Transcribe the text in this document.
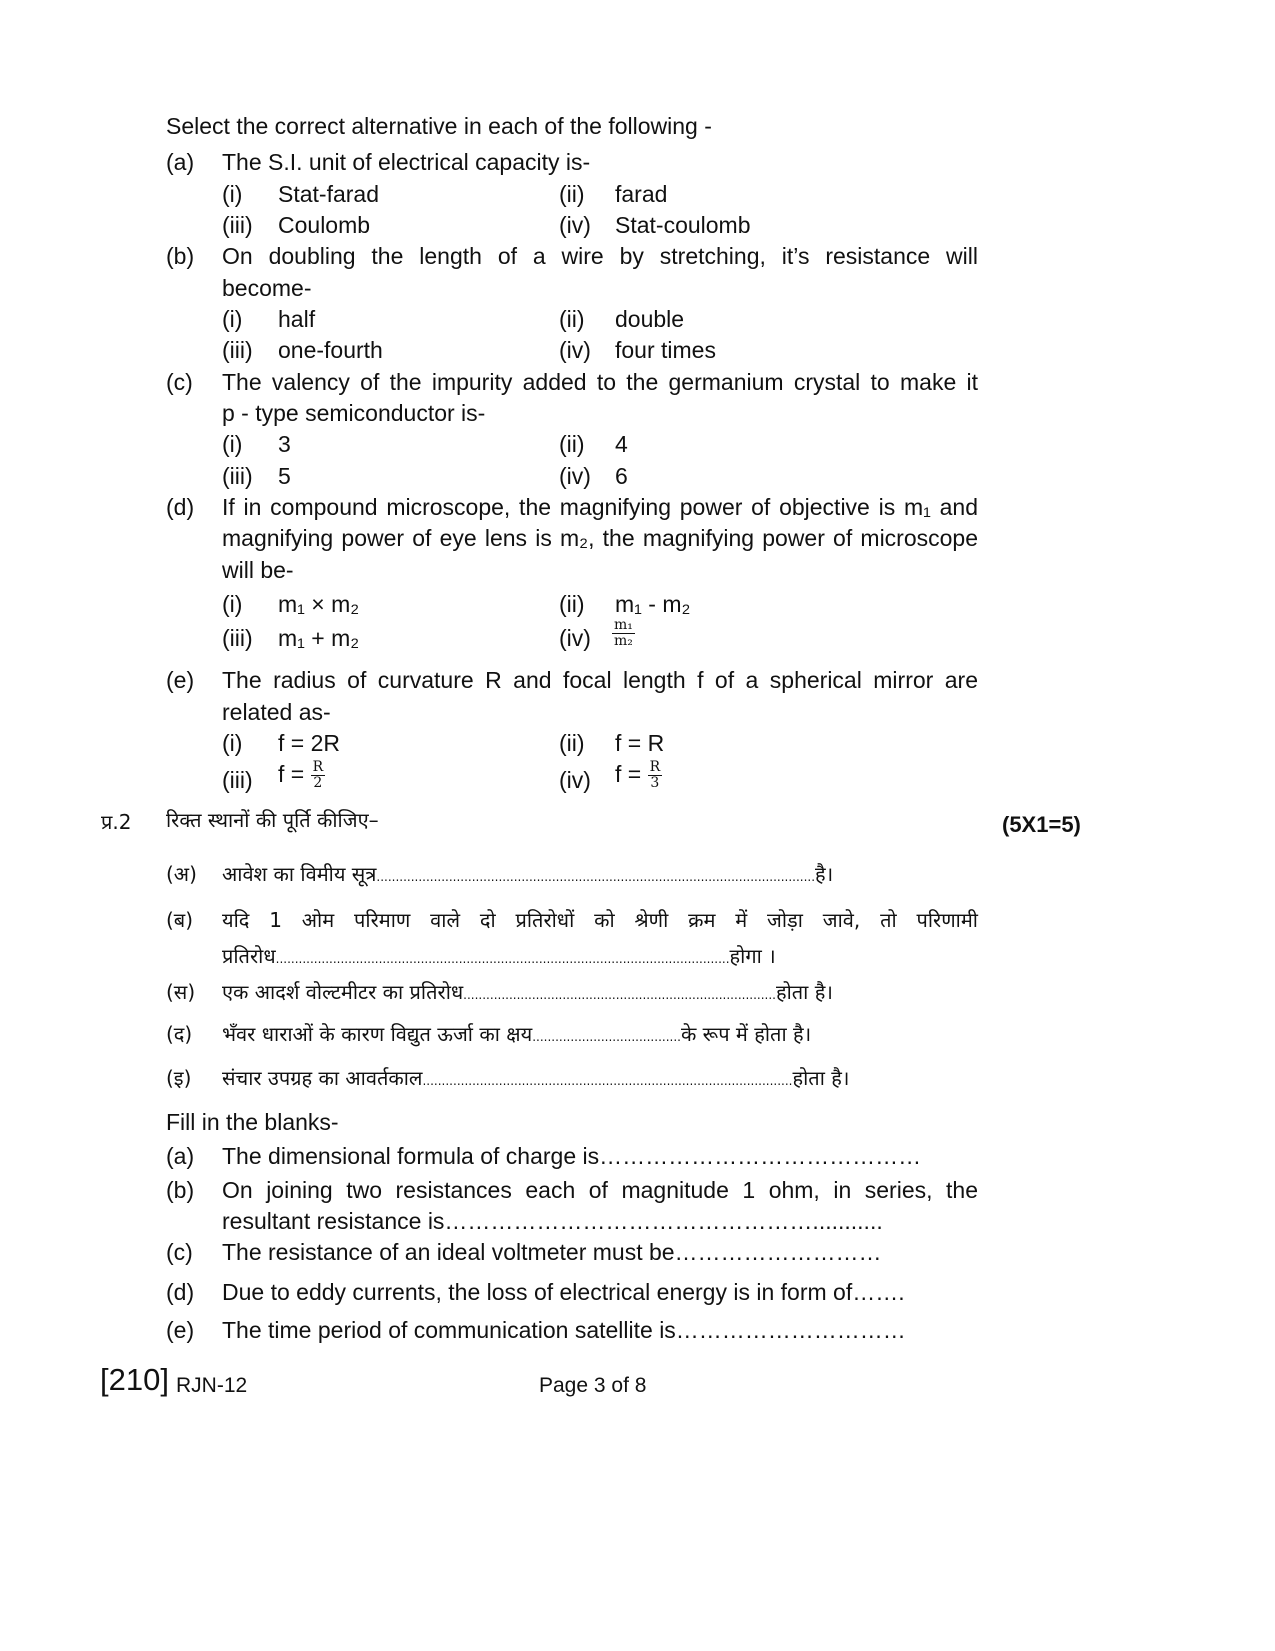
Select the correct alternative in each of the following -
(a) The S.I. unit of electrical capacity is-
(i) Stat-farad	(ii) farad
(iii) Coulomb	(iv) Stat-coulomb
(b) On doubling the length of a wire by stretching, it’s resistance will
become-
(i) half	(ii) double
(iii) one-fourth	(iv) four times
(c) The valency of the impurity added to the germanium crystal to make it
p - type semiconductor is-
(i) 3	(ii) 4
(iii) 5	(iv) 6
(d) If in compound microscope, the magnifying power of objective is m₁ and
magnifying power of eye lens is m₂, the magnifying power of microscope
will be-
(i) m₁ × m₂	(ii) m₁ - m₂
(iii) m₁ + m₂	$(iv) \frac{\text{m₁}}{\text{m₂}}$
(e) The radius of curvature R and focal length f of a spherical mirror are
related as-
(i) f = 2R	(ii) f = R
(iii) $f = \frac{R}{2}$	(iv) $f = \frac{R}{3}$
प्र.2 रिक्त स्थानों की पूर्ति कीजिए–	(5X1=5)
(अ) आवेश का विमीय सूत्र...................................................................................................................है।
(ब) यदि 1 ओम परिमाण वाले दो प्रतिरोधों को श्रेणी क्रम में जोड़ा जावे, तो परिणामी
प्रतिरोध.......................................................................................................................होगा ।
(स) एक आदर्श वोल्टमीटर का प्रतिरोध..................................................................................होता है।
(द) भँवर धाराओं के कारण विद्युत ऊर्जा का क्षय.......................................के रूप में होता है।
(इ) संचार उपग्रह का आवर्तकाल.................................................................................................होता है।
Fill in the blanks-
(a) The dimensional formula of charge is……………………………………
(b) On joining two resistances each of magnitude 1 ohm, in series, the
resultant resistance is…………………………………………...........
(c) The resistance of an ideal voltmeter must be………………………
(d) Due to eddy currents, the loss of electrical energy is in form of…….
(e) The time period of communication satellite is…………………………
[210] RJN-12	Page 3 of 8
